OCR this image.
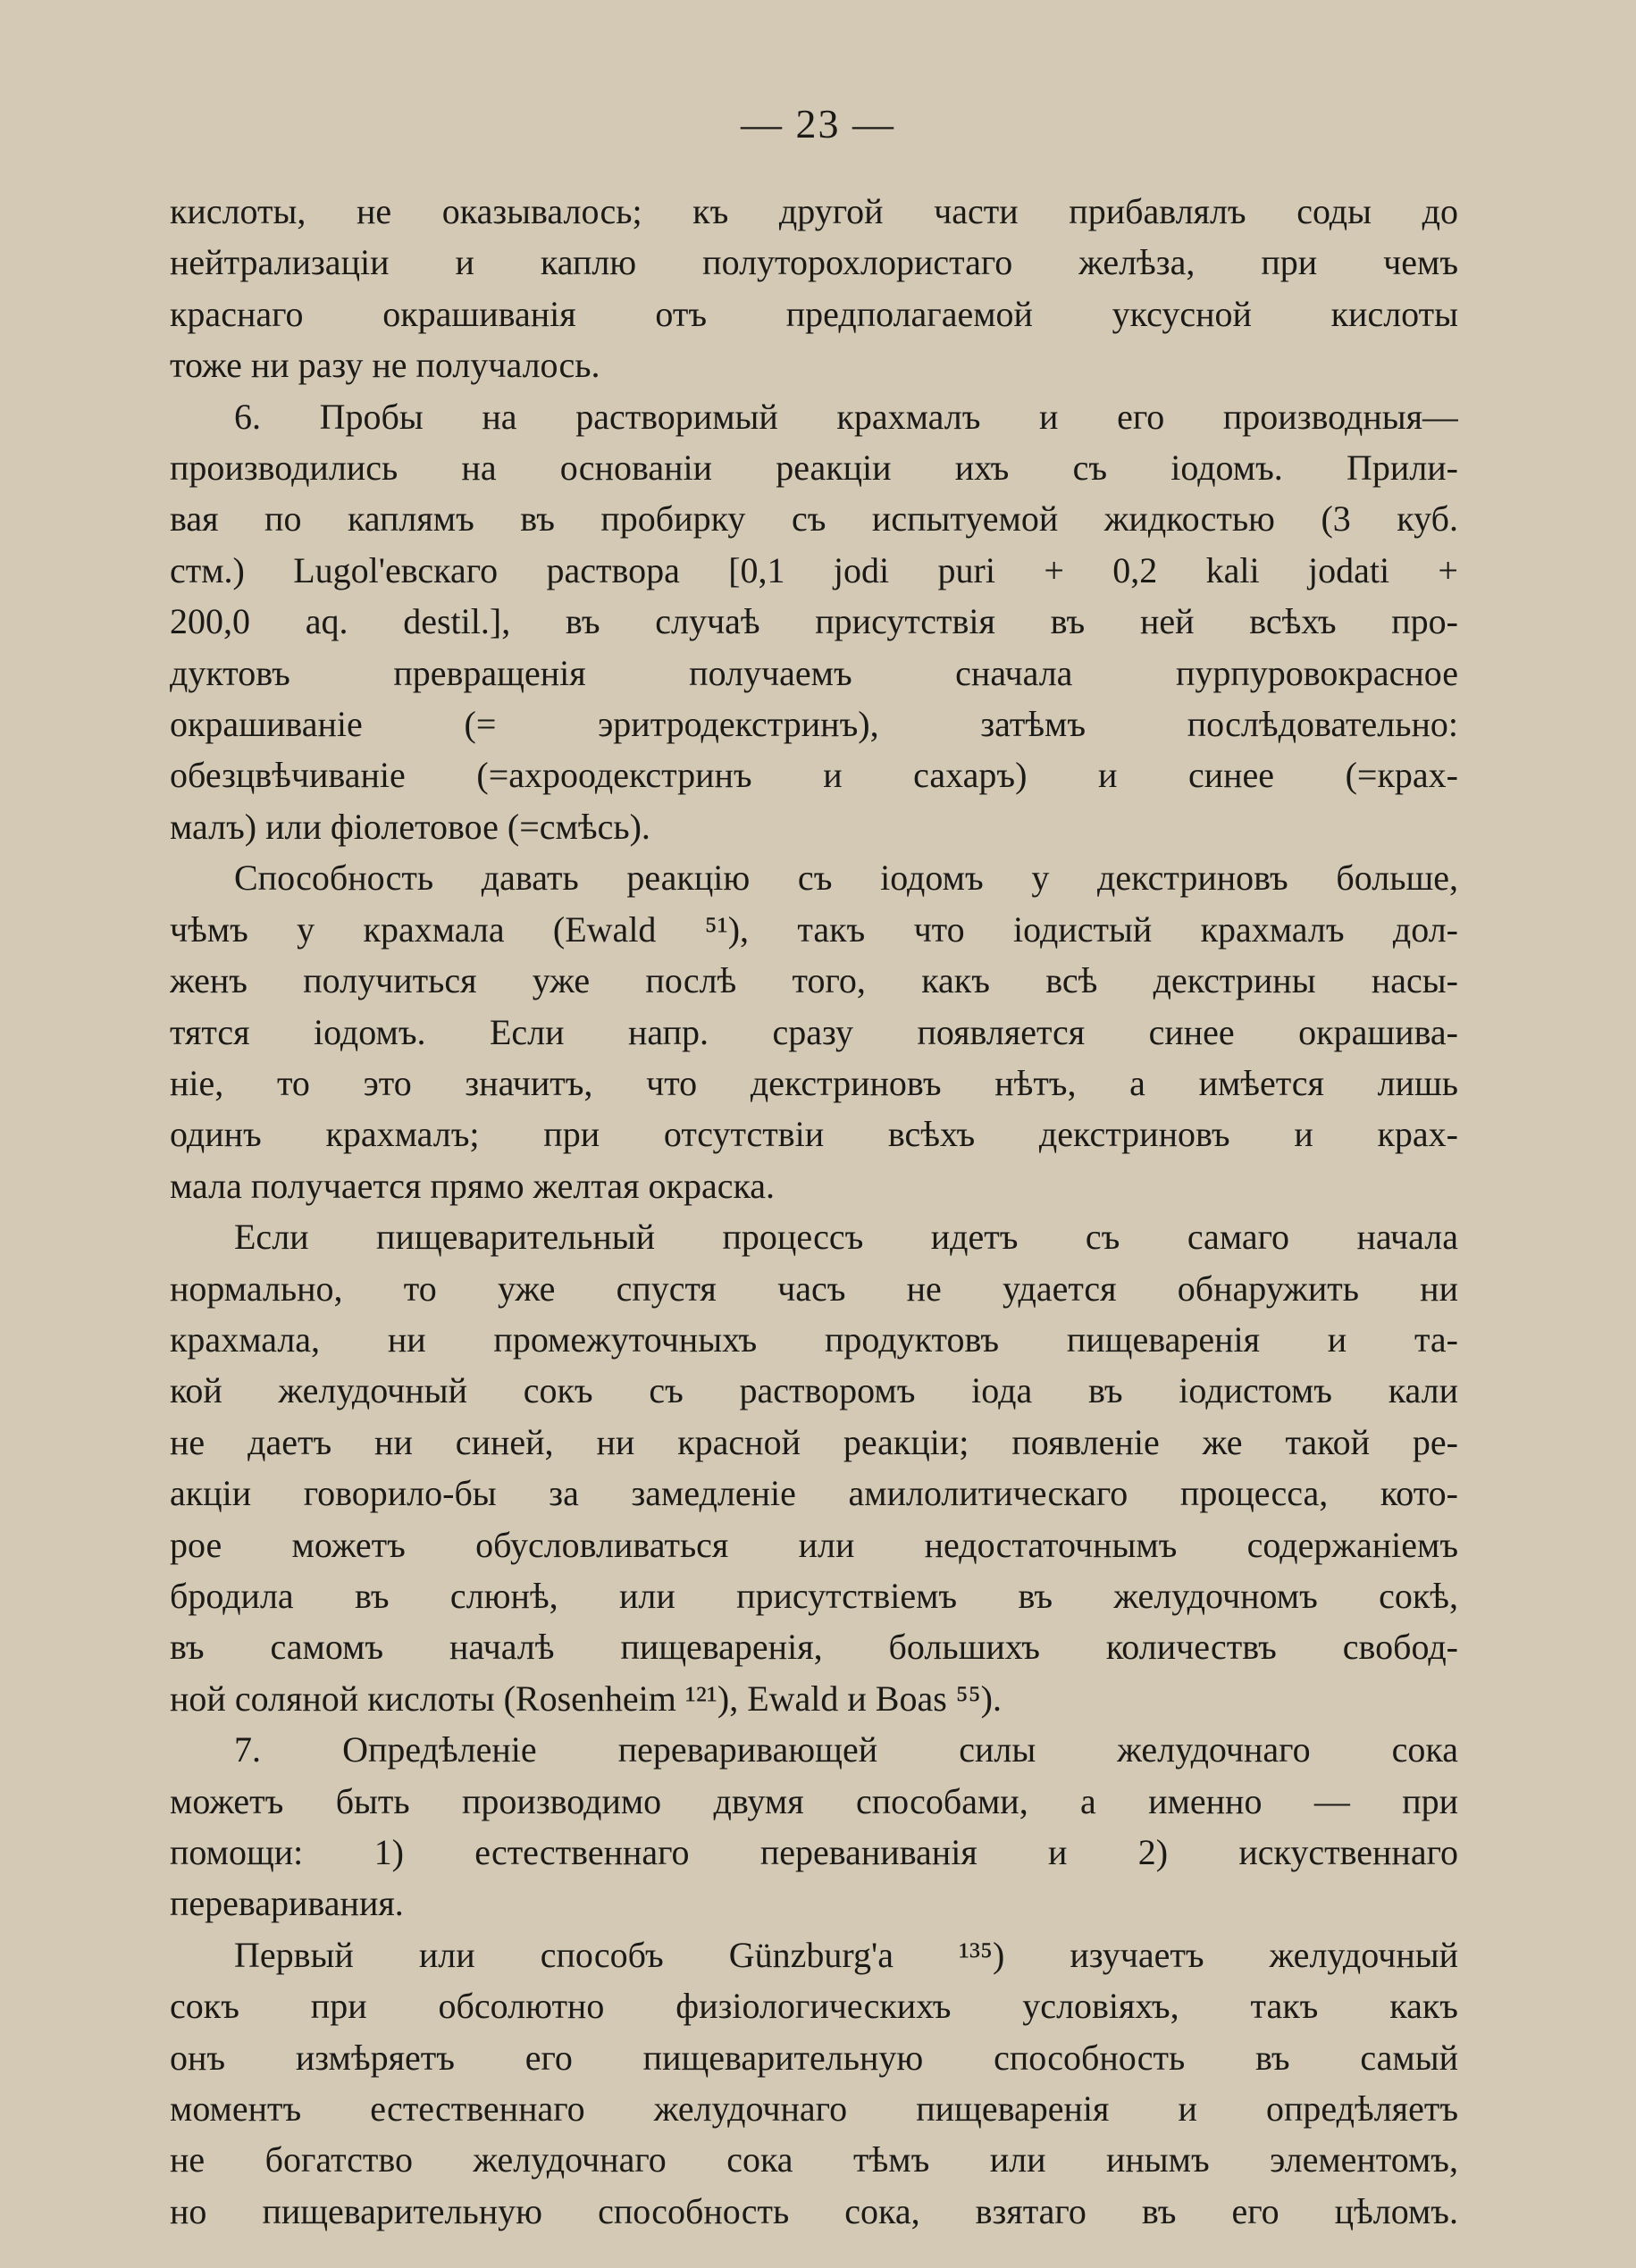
— 23 —

кислоты, не оказывалось; къ другой части прибавлялъ соды до
нейтрализаціи и каплю полуторохлористаго желѣза, при чемъ
краснаго окрашиванія отъ предполагаемой уксусной кислоты
тоже ни разу не получалось.

6. Пробы на растворимый крахмалъ и его производныя—
производились на основаніи реакціи ихъ съ іодомъ. Прили-
вая по каплямъ въ пробирку съ испытуемой жидкостью (3 куб.
стм.) Lugol'евскаго раствора [0,1 jodi puri + 0,2 kali jodati +
200,0 aq. destil.], въ случаѣ присутствія въ ней всѣхъ про-
дуктовъ превращенія получаемъ сначала пурпуровокрасное
окрашиваніе (= эритродекстринъ), затѣмъ послѣдовательно:
обезцвѣчиваніе (=ахроодекстринъ и сахаръ) и синее (=крах-
малъ) или фіолетовое (=смѣсь).

Способность давать реакцію съ іодомъ у декстриновъ больше,
чѣмъ у крахмала (Ewald ⁵¹), такъ что іодистый крахмалъ дол-
женъ получиться уже послѣ того, какъ всѣ декстрины насы-
тятся іодомъ. Если напр. сразу появляется синее окрашива-
ніе, то это значитъ, что декстриновъ нѣтъ, а имѣется лишь
одинъ крахмалъ; при отсутствіи всѣхъ декстриновъ и крах-
мала получается прямо желтая окраска.

Если пищеварительный процессъ идетъ съ самаго начала
нормально, то уже спустя часъ не удается обнаружить ни
крахмала, ни промежуточныхъ продуктовъ пищеваренія и та-
кой желудочный сокъ съ растворомъ іода въ іодистомъ кали
не даетъ ни синей, ни красной реакціи; появленіе же такой ре-
акціи говорило-бы за замедленіе амилолитическаго процесса, кото-
рое можетъ обусловливаться или недостаточнымъ содержаніемъ
бродила въ слюнѣ, или присутствіемъ въ желудочномъ сокѣ,
въ самомъ началѣ пищеваренія, большихъ количествъ свобод-
ной соляной кислоты (Rosenheim ¹²¹), Ewald и Boas ⁵⁵).

7. Опредѣленіе переваривающей силы желудочнаго сока
можетъ быть производимо двумя способами, а именно — при
помощи: 1) естественнаго переваниванія и 2) искуственнаго
переваривания.

Первый или способъ Günzburg'a ¹³⁵) изучаетъ желудочный
сокъ при обсолютно физіологическихъ условіяхъ, такъ какъ
онъ измѣряетъ его пищеварительную способность въ самый
моментъ естественнаго желудочнаго пищеваренія и опредѣляетъ
не богатство желудочнаго сока тѣмъ или инымъ элементомъ,
но пищеварительную способность сока, взятаго въ его цѣломъ.
